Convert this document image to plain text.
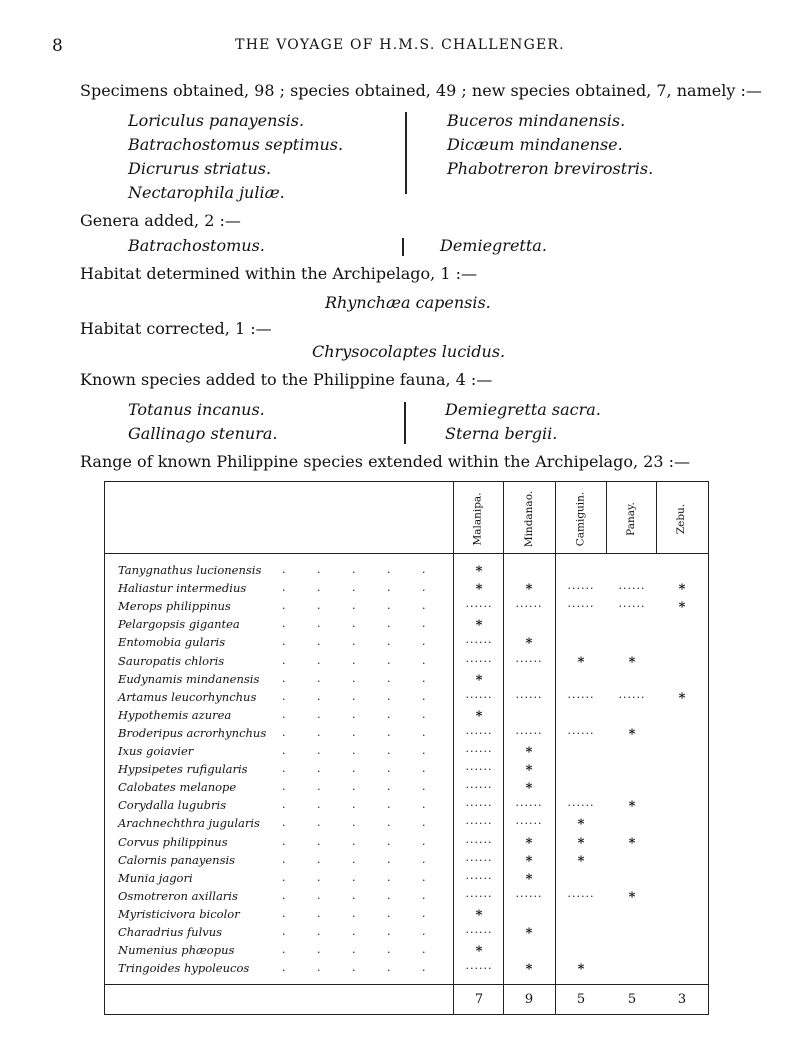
8	THE VOYAGE OF H.M.S. CHALLENGER.
Specimens obtained, 98 ; species obtained, 49 ; new species obtained, 7, namely :—
Loriculus panayensis.
Batrachostomus septimus.
Dicrurus striatus.
Nectarophila juliæ.
Buceros mindanensis.
Dicæum mindanense.
Phabotreron brevirostris.
Genera added, 2 :—
Batrachostomus.	Demiegretta.
Habitat determined within the Archipelago, 1 :—
Rhynchæa capensis.
Habitat corrected, 1 :—
Chrysocolaptes lucidus.
Known species added to the Philippine fauna, 4 :—
Totanus incanus.
Gallinago stenura.
Demiegretta sacra.
Sterna bergii.
Range of known Philippine species extended within the Archipelago, 23 :—
Malanipa.	Mindanao.	Camiguin.	Panay.	Zebu.
Tanygnathus lucionensis . . . . .	*
Haliastur intermedius	. . . . .	*	*	......	......	*
Merops philippinus	. . . . .	......	......	......	......	*
Pelargopsis gigantea	. . . . .	*
Entomobia gularis	. . . . .	......	*
Sauropatis chloris	. . . . .	......	......	*	*
Eudynamis mindanensis . . . . .	*
Artamus leucorhynchus . . . . .	......	......	......	......	*
Hypothemis azurea	. . . . .	*
Broderipus acrorhynchus . . . . .	......	......	......	*
Ixus goiavier	. . . . .	......	*
Hypsipetes rufigularis	. . . . .	......	*
Calobates melanope	. . . . .	......	*
Corydalla lugubris	. . . . .	......	......	......	*
Arachnechthra jugularis . . . . .	......	......	*
Corvus philippinus	. . . . .	......	*	*	*
Calornis panayensis	. . . . .	......	*	*
Munia jagori	. . . . .	......	*
Osmotreron axillaris	. . . . .	......	......	......	*
Myristicivora bicolor	. . . . .	*
Charadrius fulvus	. . . . .	......	*
Numenius phæopus	. . . . .	*
Tringoides hypoleucos	. . . . .	......	*	*
7	9	5	5	3
